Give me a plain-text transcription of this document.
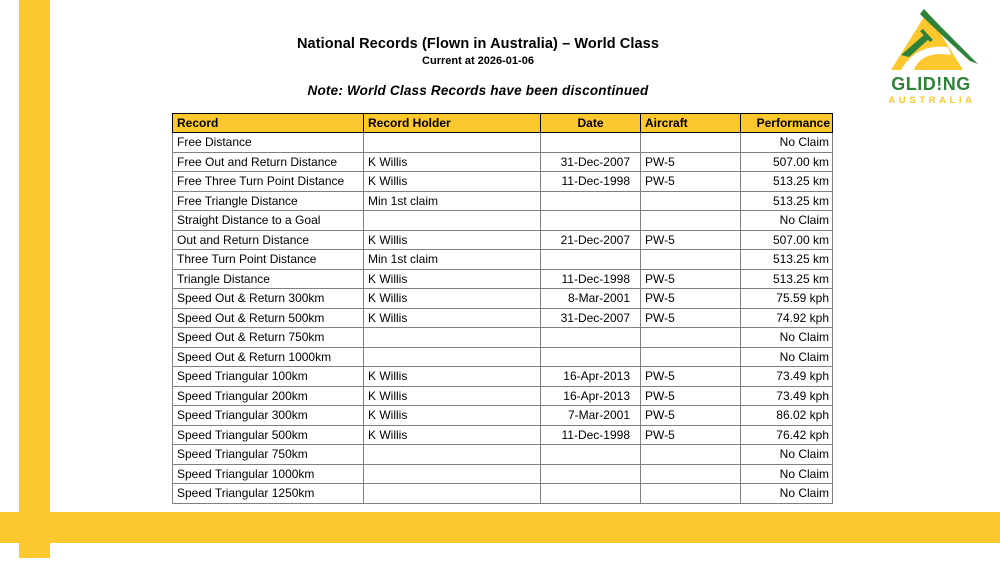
National Records (Flown in Australia) – World Class
Current at 2026-01-06
Note: World Class Records have been discontinued	GLID!NG
AUSTRALIA
Record	Record Holder	Date	Aircraft	Performance
Free Distance				No Claim
Free Out and Return Distance	K Willis	31-Dec-2007	PW-5	507.00 km
Free Three Turn Point Distance	K Willis	11-Dec-1998	PW-5	513.25 km
Free Triangle Distance	Min 1st claim			513.25 km
Straight Distance to a Goal				No Claim
Out and Return Distance	K Willis	21-Dec-2007	PW-5	507.00 km
Three Turn Point Distance	Min 1st claim			513.25 km
Triangle Distance	K Willis	11-Dec-1998	PW-5	513.25 km
Speed Out & Return 300km	K Willis	8-Mar-2001	PW-5	75.59 kph
Speed Out & Return 500km	K Willis	31-Dec-2007	PW-5	74.92 kph
Speed Out & Return 750km				No Claim
Speed Out & Return 1000km				No Claim
Speed Triangular 100km	K Willis	16-Apr-2013	PW-5	73.49 kph
Speed Triangular 200km	K Willis	16-Apr-2013	PW-5	73.49 kph
Speed Triangular 300km	K Willis	7-Mar-2001	PW-5	86.02 kph
Speed Triangular 500km	K Willis	11-Dec-1998	PW-5	76.42 kph
Speed Triangular 750km				No Claim
Speed Triangular 1000km				No Claim
Speed Triangular 1250km				No Claim
